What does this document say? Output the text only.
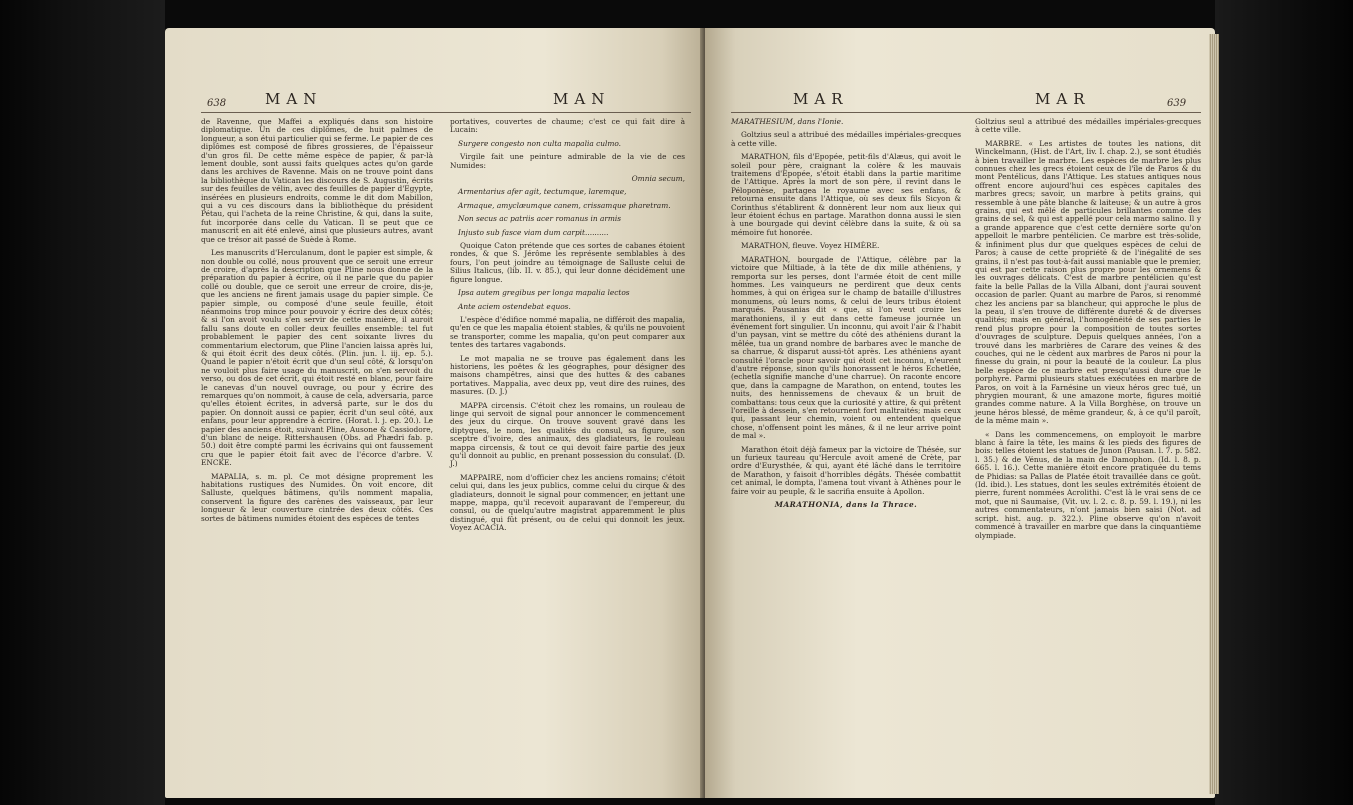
638	MAN	MAN

de Ravenne, que Maffei a expliqués dans son histoire diplomatique. Un de ces diplômes, de huit palmes de longueur, a son étui particulier qui se ferme. Le papier de ces diplômes est composé de fibres grossieres, de l'épaisseur d'un gros fil. De cette même espèce de papier, & par-là lement double, sont aussi faits quelques actes qu'on garde dans les archives de Ravenne. Mais on ne trouve point dans la bibliothèque du Vatican les discours de S. Augustin, écrits sur des feuilles de vélin, avec des feuilles de papier d'Egypte, insérées en plusieurs endroits, comme le dit dom Mabillon, qui a vu ces discours dans la bibliothèque du président Pétau, qui l'acheta de la reine Christine, & qui, dans la suite, fut incorporée dans celle du Vatican. Il se peut que ce manuscrit en ait été enlevé, ainsi que plusieurs autres, avant que ce trésor ait passé de Suède à Rome.

Les manuscrits d'Herculanum, dont le papier est simple, & non double ou collé, nous prouvent que ce seroit une erreur de croire, d'après la description que Pline nous donne de la préparation du papier à écrire, où il ne parle que du papier collé ou double, que ce seroit une erreur de croire, dis-je, que les anciens ne firent jamais usage du papier simple. Ce papier simple, ou composé d'une seule feuille, étoit néanmoins trop mince pour pouvoir y écrire des deux côtés; & si l'on avoit voulu s'en servir de cette manière, il auroit fallu sans doute en coller deux feuilles ensemble: tel fut probablement le papier des cent soixante livres du commentarium electorum, que Pline l'ancien laissa après lui, & qui étoit écrit des deux côtés. (Plin. jun. l. iij. ep. 5.). Quand le papier n'étoit écrit que d'un seul côté, & lorsqu'on ne vouloit plus faire usage du manuscrit, on s'en servoit du verso, ou dos de cet écrit, qui étoit resté en blanc, pour faire le canevas d'un nouvel ouvrage, ou pour y écrire des remarques qu'on nommoit, à cause de cela, adversaria, parce qu'elles étoient écrites, in adversâ parte, sur le dos du papier. On donnoit aussi ce papier, écrit d'un seul côté, aux enfans, pour leur apprendre à écrire. (Horat. l. j. ep. 20.). Le papier des anciens étoit, suivant Pline, Ausone & Cassiodore, d'un blanc de neige. Rittershausen (Obs. ad Phædri fab. p. 50.) doit être compté parmi les écrivains qui ont faussement cru que le papier étoit fait avec de l'écorce d'arbre. V. ENCKE.

MAPALIA, s. m. pl. Ce mot désigne proprement les habitations rustiques des Numides. On voit encore, dit Salluste, quelques bâtimens, qu'ils nomment mapalia, conservent la figure des carènes des vaisseaux, par leur longueur & leur couverture cintrée des deux côtés. Ces sortes de bâtimens numides étoient des espèces de tentes

portatives, couvertes de chaume; c'est ce qui fait dire à Lucain:

Surgere congesto non culta mapalia culmo.

Virgile fait une peinture admirable de la vie de ces Numides:

Omnia secum,

Armentarius afer agit, tectumque, laremque,

Armaque, amyclæumque canem, crissamque pharetram.

Non secus ac patriis acer romanus in armis

Injusto sub fasce viam dum carpit..........

Quoique Caton prétende que ces sortes de cabanes étoient rondes, & que S. Jérôme les représente semblables à des fours, l'on peut joindre au témoignage de Salluste celui de Silius Italicus, (lib. II. v. 85.), qui leur donne décidément une figure longue.

Ipsa autem gregibus per longa mapalia lectos

Ante aciem ostendebat equos.

L'espèce d'édifice nommé mapalia, ne différoit des mapalia, qu'en ce que les mapalia étoient stables, & qu'ils ne pouvoient se transporter, comme les mapalia, qu'on peut comparer aux tentes des tartares vagabonds.

Le mot mapalia ne se trouve pas également dans les historiens, les poëtes & les géographes, pour désigner des maisons champêtres, ainsi que des huttes & des cabanes portatives. Mappalia, avec deux pp, veut dire des ruines, des masures. (D. J.)

MAPPA circensis. C'étoit chez les romains, un rouleau de linge qui servoit de signal pour annoncer le commencement des jeux du cirque. On trouve souvent gravé dans les diptyques, le nom, les qualités du consul, sa figure, son sceptre d'ivoire, des animaux, des gladiateurs, le rouleau mappa circensis, & tout ce qui devoit faire partie des jeux qu'il donnoit au public, en prenant possession du consulat. (D. J.)

MAPPAIRE, nom d'officier chez les anciens romains; c'étoit celui qui, dans les jeux publics, comme celui du cirque & des gladiateurs, donnoit le signal pour commencer, en jettant une mappe, mappa, qu'il recevoit auparavant de l'empereur, du consul, ou de quelqu'autre magistrat apparemment le plus distingué, qui fût présent, ou de celui qui donnoit les jeux. Voyez ACACIA.

MAR	MAR	639

MARATHESIUM, dans l'Ionie.

Goltzius seul a attribué des médailles impériales-grecques à cette ville.

MARATHON, fils d'Epopée, petit-fils d'Alæus, qui avoit le soleil pour père, craignant la colère & les mauvais traitemens d'Epopée, s'étoit établi dans la partie maritime de l'Attique. Après la mort de son père, il revint dans le Péloponèse, partagea le royaume avec ses enfans, & retourna ensuite dans l'Attique, où ses deux fils Sicyon & Corinthus s'établirent & donnèrent leur nom aux lieux qui leur étoient échus en partage. Marathon donna aussi le sien à une bourgade qui devint célèbre dans la suite, & où sa mémoire fut honorée.

MARATHON, fleuve. Voyez HIMÈRE.

MARATHON, bourgade de l'Attique, célèbre par la victoire que Miltiade, à la tête de dix mille athéniens, y remporta sur les perses, dont l'armée étoit de cent mille hommes. Les vainqueurs ne perdirent que deux cents hommes, à qui on érigea sur le champ de bataille d'illustres monumens, où leurs noms, & celui de leurs tribus étoient marqués. Pausanias dit « que, si l'on veut croire les marathoniens, il y eut dans cette fameuse journée un événement fort singulier. Un inconnu, qui avoit l'air & l'habit d'un paysan, vint se mettre du côté des athéniens durant la mêlée, tua un grand nombre de barbares avec le manche de sa charrue, & disparut aussi-tôt après. Les athéniens ayant consulté l'oracle pour savoir qui étoit cet inconnu, n'eurent d'autre réponse, sinon qu'ils honorassent le héros Echetlée, (echetla signifie manche d'une charrue). On raconte encore que, dans la campagne de Marathon, on entend, toutes les nuits, des hennissemens de chevaux & un bruit de combattans: tous ceux que la curiosité y attire, & qui prêtent l'oreille à dessein, s'en retournent fort maltraités; mais ceux qui, passant leur chemin, voient ou entendent quelque chose, n'offensent point les mânes, & il ne leur arrive point de mal ».

Marathon étoit déjà fameux par la victoire de Thésée, sur un furieux taureau qu'Hercule avoit amené de Crète, par ordre d'Eurysthée, & qui, ayant été lâché dans le territoire de Marathon, y faisoit d'horribles dégâts. Thésée combattit cet animal, le dompta, l'amena tout vivant à Athènes pour le faire voir au peuple, & le sacrifia ensuite à Apollon.

MARATHONIA, dans la Thrace.

Goltzius seul a attribué des médailles impériales-grecques à cette ville.

MARBRE. « Les artistes de toutes les nations, dit Winckelmann, (Hist. de l'Art, liv. I. chap. 2.), se sont étudiés à bien travailler le marbre. Les espèces de marbre les plus connues chez les grecs étoient ceux de l'île de Paros & du mont Pentélicus, dans l'Attique. Les statues antiques nous offrent encore aujourd'hui ces espèces capitales des marbres grecs; savoir, un marbre à petits grains, qui ressemble à une pâte blanche & laiteuse; & un autre à gros grains, qui est mêlé de particules brillantes comme des grains de sel, & qui est appellé pour cela marmo salino. Il y a grande apparence que c'est cette dernière sorte qu'on appelloit le marbre pentélicien. Ce marbre est très-solide, & infiniment plus dur que quelques espèces de celui de Paros; à cause de cette propriété & de l'inégalité de ses grains, il n'est pas tout-à-fait aussi maniable que le premier, qui est par cette raison plus propre pour les ornemens & les ouvrages délicats. C'est de marbre pentélicien qu'est faite la belle Pallas de la Villa Albani, dont j'aurai souvent occasion de parler. Quant au marbre de Paros, si renommé chez les anciens par sa blancheur, qui approche le plus de la peau, il s'en trouve de différente dureté & de diverses qualités; mais en général, l'homogénéité de ses parties le rend plus propre pour la composition de toutes sortes d'ouvrages de sculpture. Depuis quelques années, l'on a trouvé dans les marbrières de Carare des veines & des couches, qui ne le cèdent aux marbres de Paros ni pour la finesse du grain, ni pour la beauté de la couleur. La plus belle espèce de ce marbre est presqu'aussi dure que le porphyre. Parmi plusieurs statues exécutées en marbre de Paros, on voit à la Farnésine un vieux héros grec tué, un phrygien mourant, & une amazone morte, figures moitié grandes comme nature. A la Villa Borghèse, on trouve un jeune héros blessé, de même grandeur, &, à ce qu'il paroît, de la même main ».

« Dans les commencemens, on employoit le marbre blanc à faire la tête, les mains & les pieds des figures de bois: telles étoient les statues de Junon (Pausan. l. 7. p. 582. l. 35.) & de Vénus, de la main de Damophon. (Id. l. 8. p. 665. l. 16.). Cette manière étoit encore pratiquée du tems de Phidias: sa Pallas de Platée étoit travaillée dans ce goût. (Id. ibid.). Les statues, dont les seules extrémités étoient de pierre, furent nommées Acrolithi. C'est là le vrai sens de ce mot, que ni Saumaise, (Vit. uv. l. 2. c. 8. p. 59. l. 19.), ni les autres commentateurs, n'ont jamais bien saisi (Not. ad script. hist. aug. p. 322.). Pline observe qu'on n'avoit commencé à travailler en marbre que dans la cinquantième olympiade.
